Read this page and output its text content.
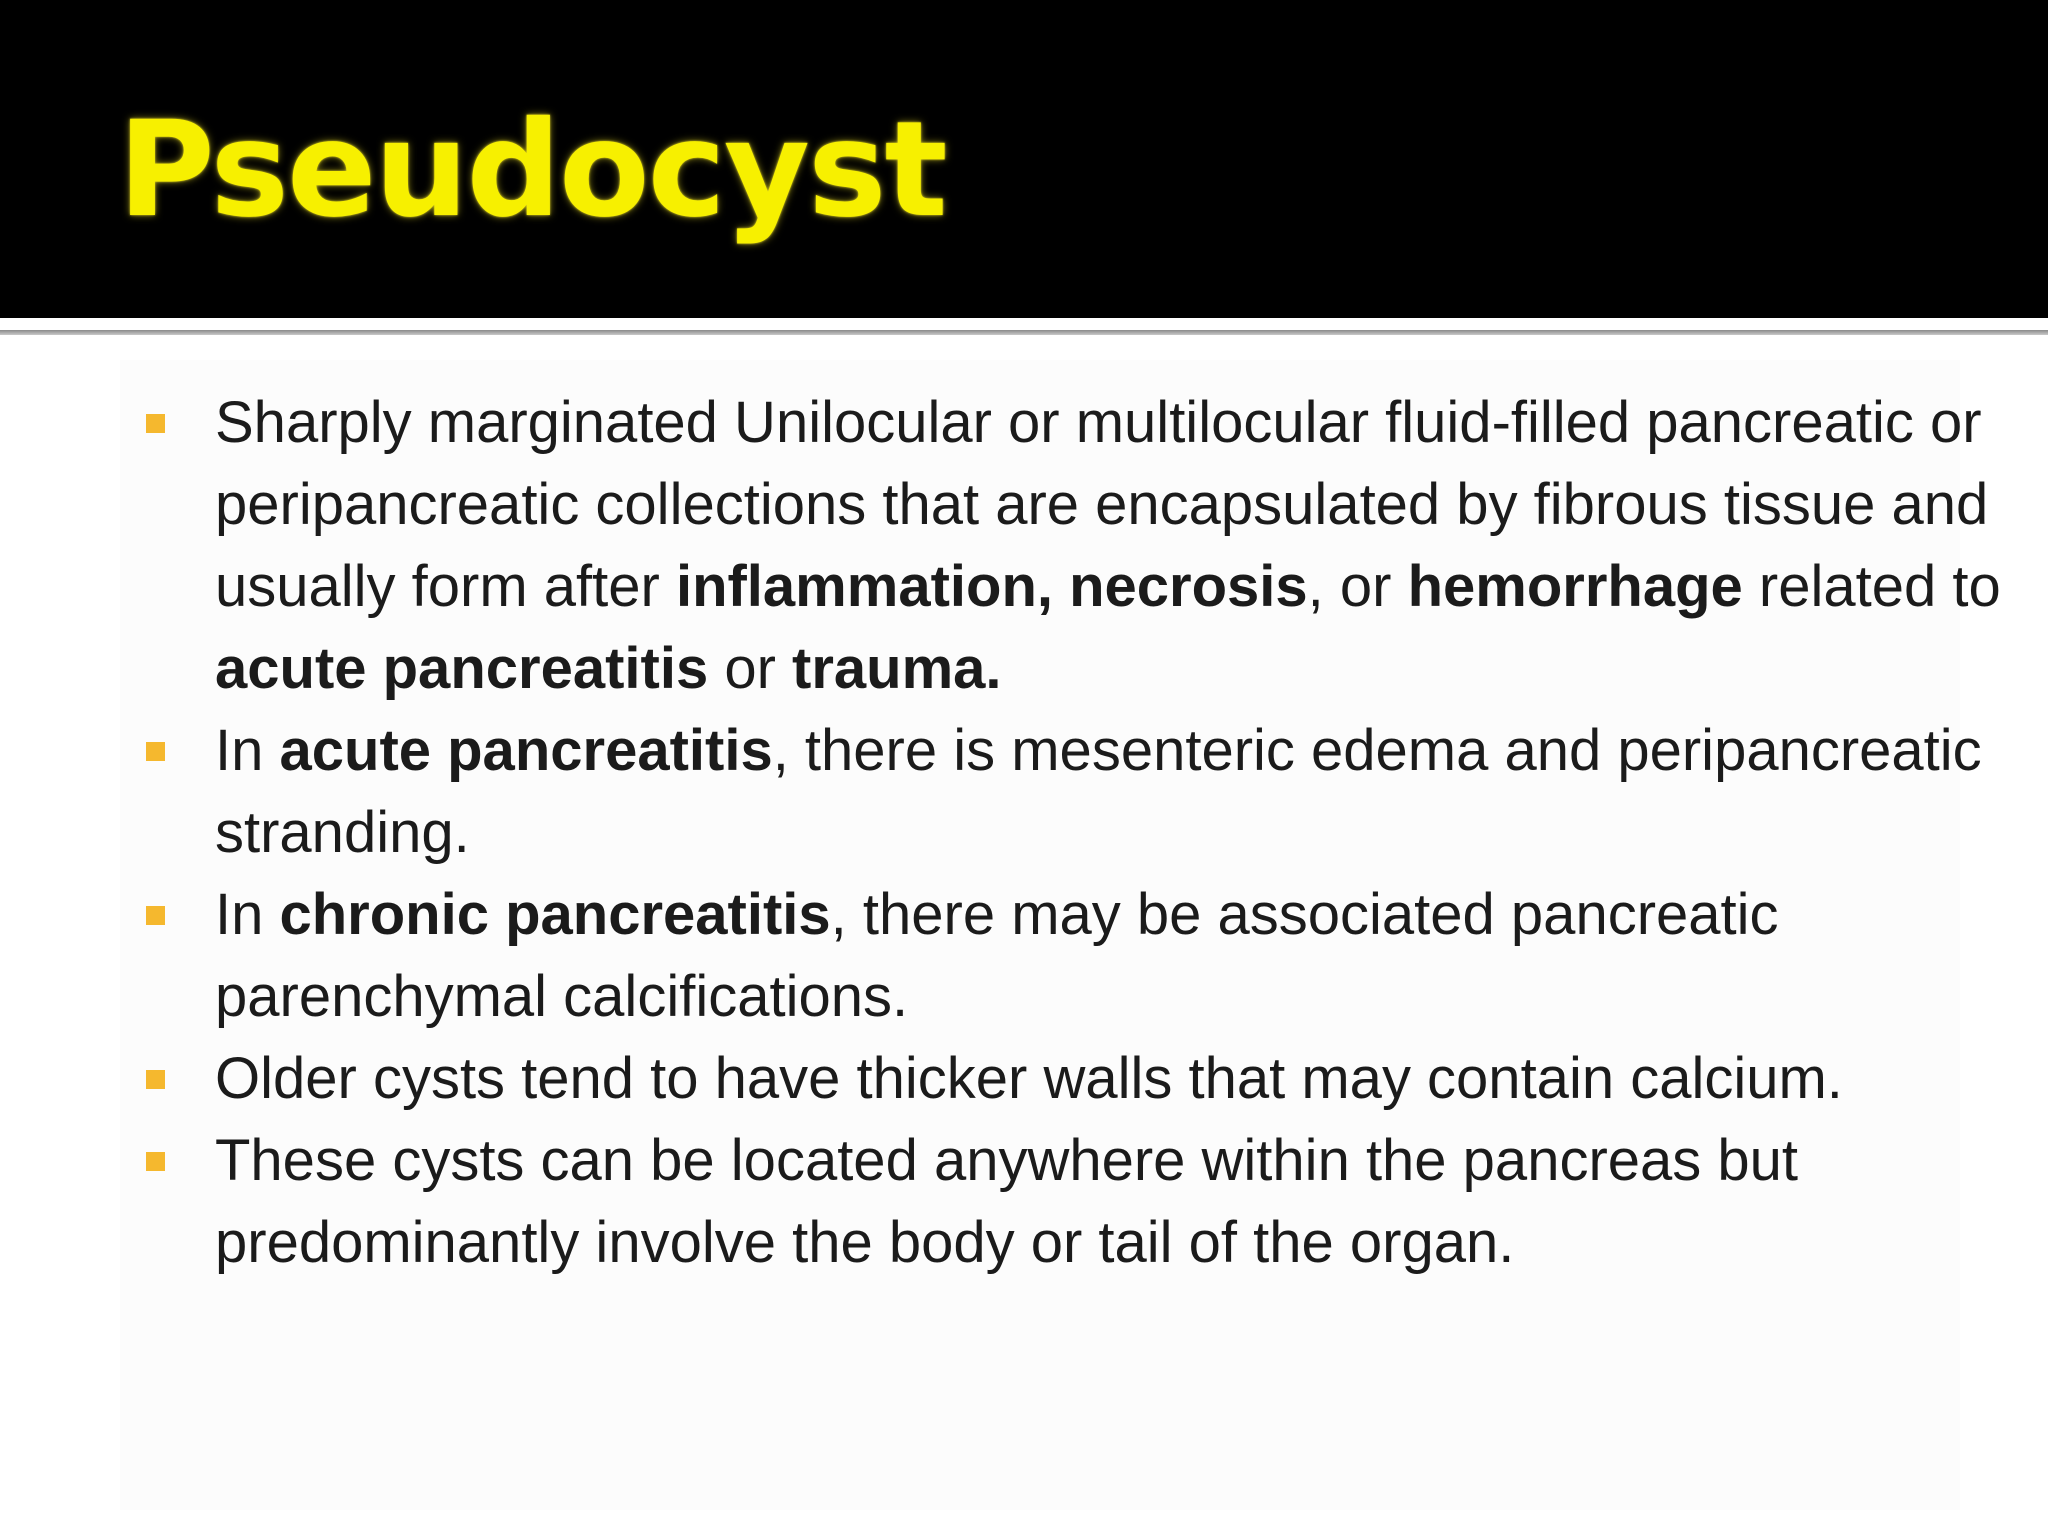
Pseudocyst
Sharply marginated Unilocular or multilocular fluid-filled pancreatic or peripancreatic collections that are encapsulated by fibrous tissue and usually form after inflammation, necrosis, or hemorrhage related to acute pancreatitis or trauma.
In acute pancreatitis, there is mesenteric edema and peripancreatic stranding.
In chronic pancreatitis, there may be associated pancreatic parenchymal calcifications.
Older cysts tend to have thicker walls that may contain calcium.
These cysts can be located anywhere within the pancreas but predominantly involve the body or tail of the organ.
